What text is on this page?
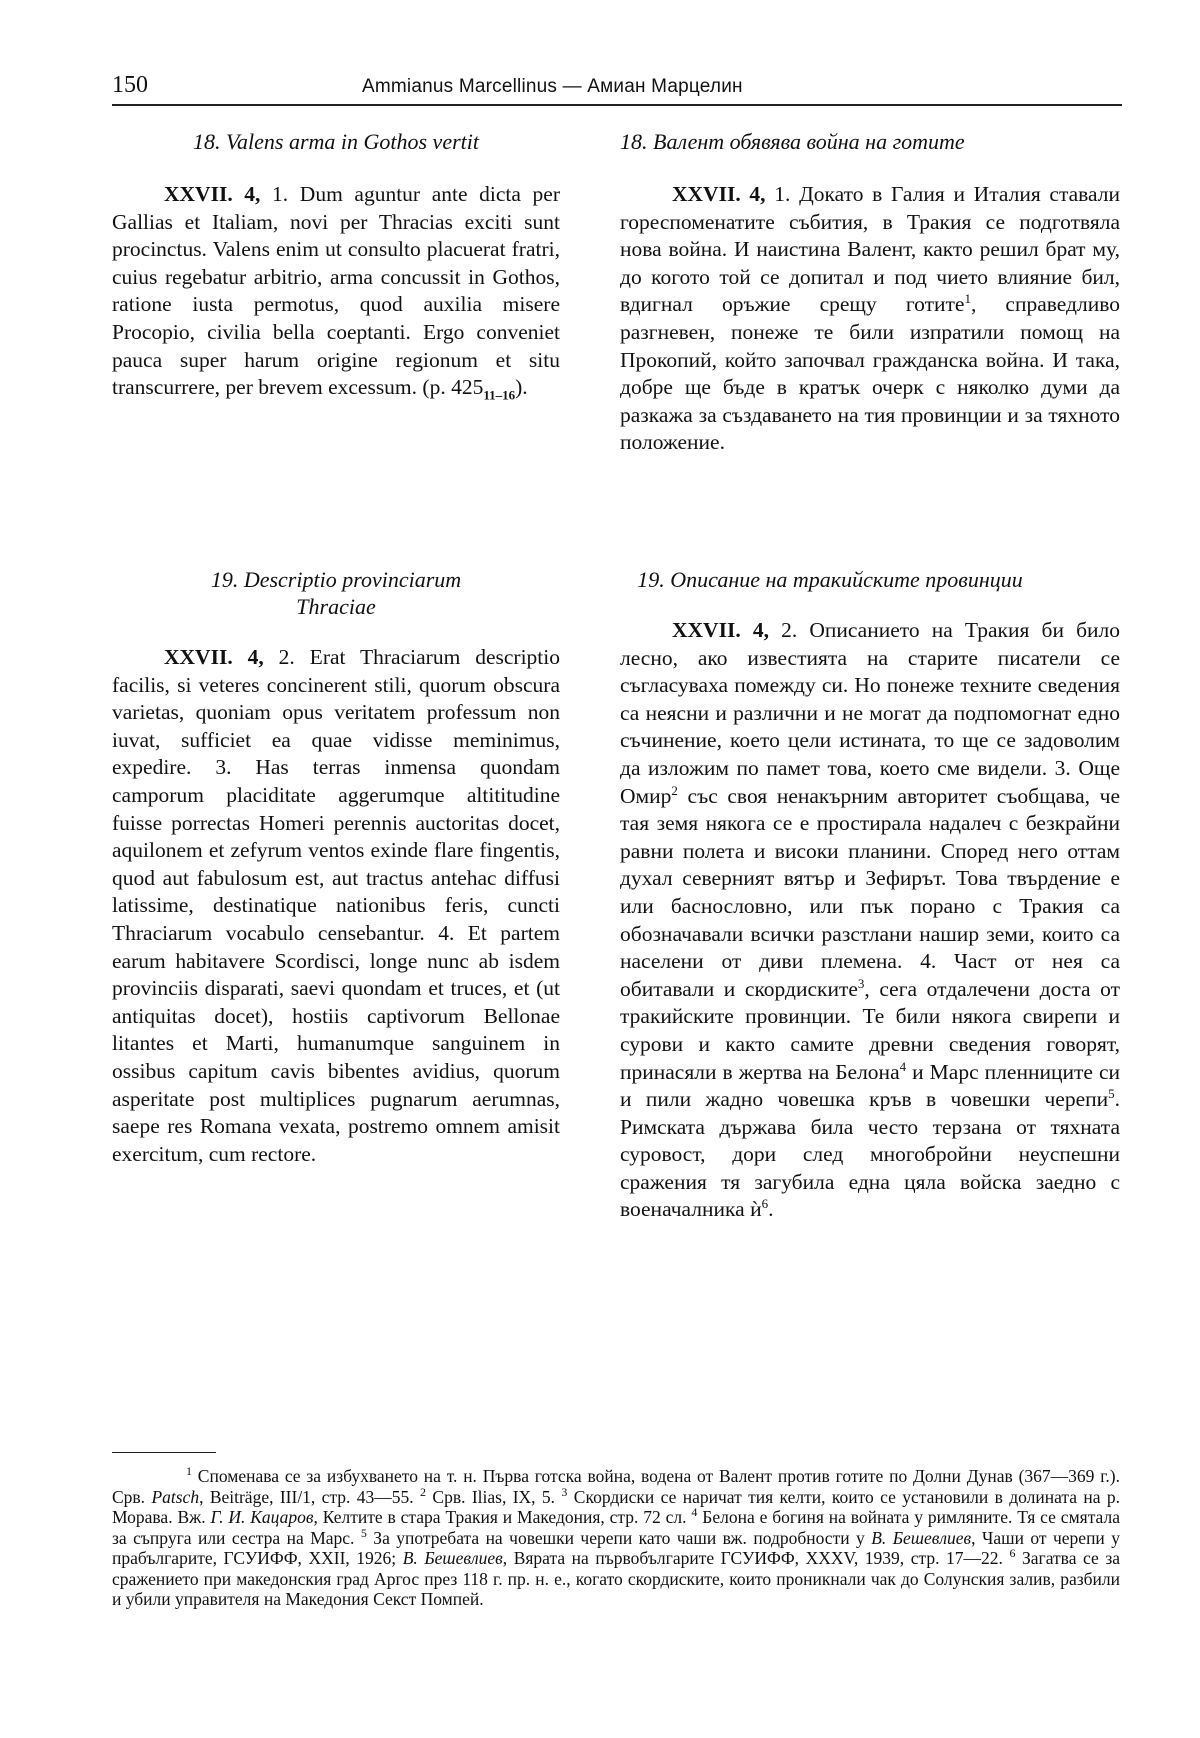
150	Ammianus Marcellinus — Амиан Марцелин
18. Valens arma in Gothos vertit

XXVII. 4, 1. Dum aguntur ante dicta per Gallias et Italiam, novi per Thracias exciti sunt procinctus. Valens enim ut consulto placuerat fratri, cuius regebatur arbitrio, arma concussit in Gothos, ratione iusta permotus, quod auxilia misere Procopio, civilia bella coeptanti. Ergo conveniet pauca super harum origine regionum et situ transcurrere, per brevem excessum. (p. $425_{11-16}$).

18. Валент обявява война на готите

XXVII. 4, 1. Докато в Галия и Италия ставали гореспоменатите събития, в Тракия се подготвяла нова война. И наистина Валент, както решил брат му, до когото той се допитал и под чието влияние бил, вдигнал оръжие срещу готите$^1$, справедливо разгневен, понеже те били изпратили помощ на Прокопий, който започвал гражданска война. И така, добре ще бъде в кратък очерк с няколко думи да разкажа за създаването на тия провинции и за тяхното положение.

19. Descriptio provinciarum
Thraciae

XXVII. 4, 2. Erat Thraciarum descriptio facilis, si veteres concinerent stili, quorum obscura varietas, quoniam opus veritatem professum non iuvat, sufficiet ea quae vidisse meminimus, expedire. 3. Has terras inmensa quondam camporum placiditate aggerumque altititudine fuisse porrectas Homeri perennis auctoritas docet, aquilonem et zefyrum ventos exinde flare fingentis, quod aut fabulosum est, aut tractus antehac diffusi latissime, destinatique nationibus feris, cuncti Thraciarum vocabulo censebantur. 4. Et partem earum habitavere Scordisci, longe nunc ab isdem provinciis disparati, saevi quondam et truces, et (ut antiquitas docet), hostiis captivorum Bellonae litantes et Marti, humanumque sanguinem in ossibus capitum cavis bibentes avidius, quorum asperitate post multiplices pugnarum aerumnas, saepe res Romana vexata, postremo omnem amisit exercitum, cum rectore.

19. Описание на тракийските провинции

XXVII. 4, 2. Описанието на Тракия би било лесно, ако известията на старите писатели се съгласуваха помежду си. Но понеже техните сведения са неясни и различни и не могат да подпомогнат едно съчинение, което цели истината, то ще се задоволим да изложим по памет това, което сме видели. 3. Още Омир$^2$ със своя ненакърним авторитет съобщава, че тая земя някога се е простирала надалеч с безкрайни равни полета и високи планини. Според него оттам духал северният вятър и Зефирът. Това твърдение е или баснословно, или пък порано с Тракия са обозначавали всички разстлани нашир земи, които са населени от диви племена. 4. Част от нея са обитавали и скордиските$^3$, сега отдалечени доста от тракийските провинции. Те били някога свирепи и сурови и както самите древни сведения говорят, принасяли в жертва на Белона$^4$ и Марс пленниците си и пили жадно човешка кръв в човешки черепи$^5$. Римската държава била често терзана от тяхната суровост, дори след многобройни неуспешни сражения тя загубила една цяла войска заедно с военачалника $ѝ^6$.

$^1$ Споменава се за избухването на т. н. Първа готска война, водена от Валент против готите по Долни Дунав (367—369 г.). Срв. Patsch, Beiträge, III/1, стр. 43—55. $^2$ Срв. Ilias, IX, 5. $^3$ Скордиски се наричат тия келти, които се установили в долината на р. Морава. Вж. Г. И. Кацаров, Келтите в стара Тракия и Македония, стр. 72 сл. $^4$ Белона е богиня на войната у римляните. Тя се смятала за съпруга или сестра на Марс. $^5$ За употребата на човешки черепи като чаши вж. подробности у В. Бешевлиев, Чаши от черепи у прабългарите, ГСУИФФ, XXII, 1926; В. Бешевлиев, Вярата на първобългарите ГСУИФФ, XXXV, 1939, стр. 17—22. $^6$ Загатва се за сражението при македонския град Аргос през 118 г. пр. н. е., когато скордиските, които проникнали чак до Солунския залив, разбили и убили управителя на Македония Секст Помпей.
